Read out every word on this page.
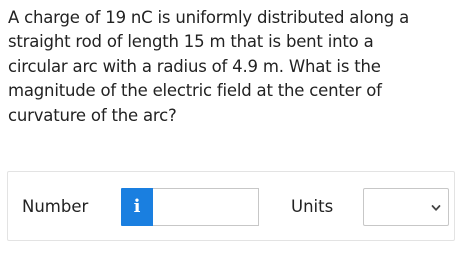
A charge of 19 nC is uniformly distributed along a
straight rod of length 15 m that is bent into a
circular arc with a radius of 4.9 m. What is the
magnitude of the electric field at the center of
curvature of the arc?
Number	i	Units
